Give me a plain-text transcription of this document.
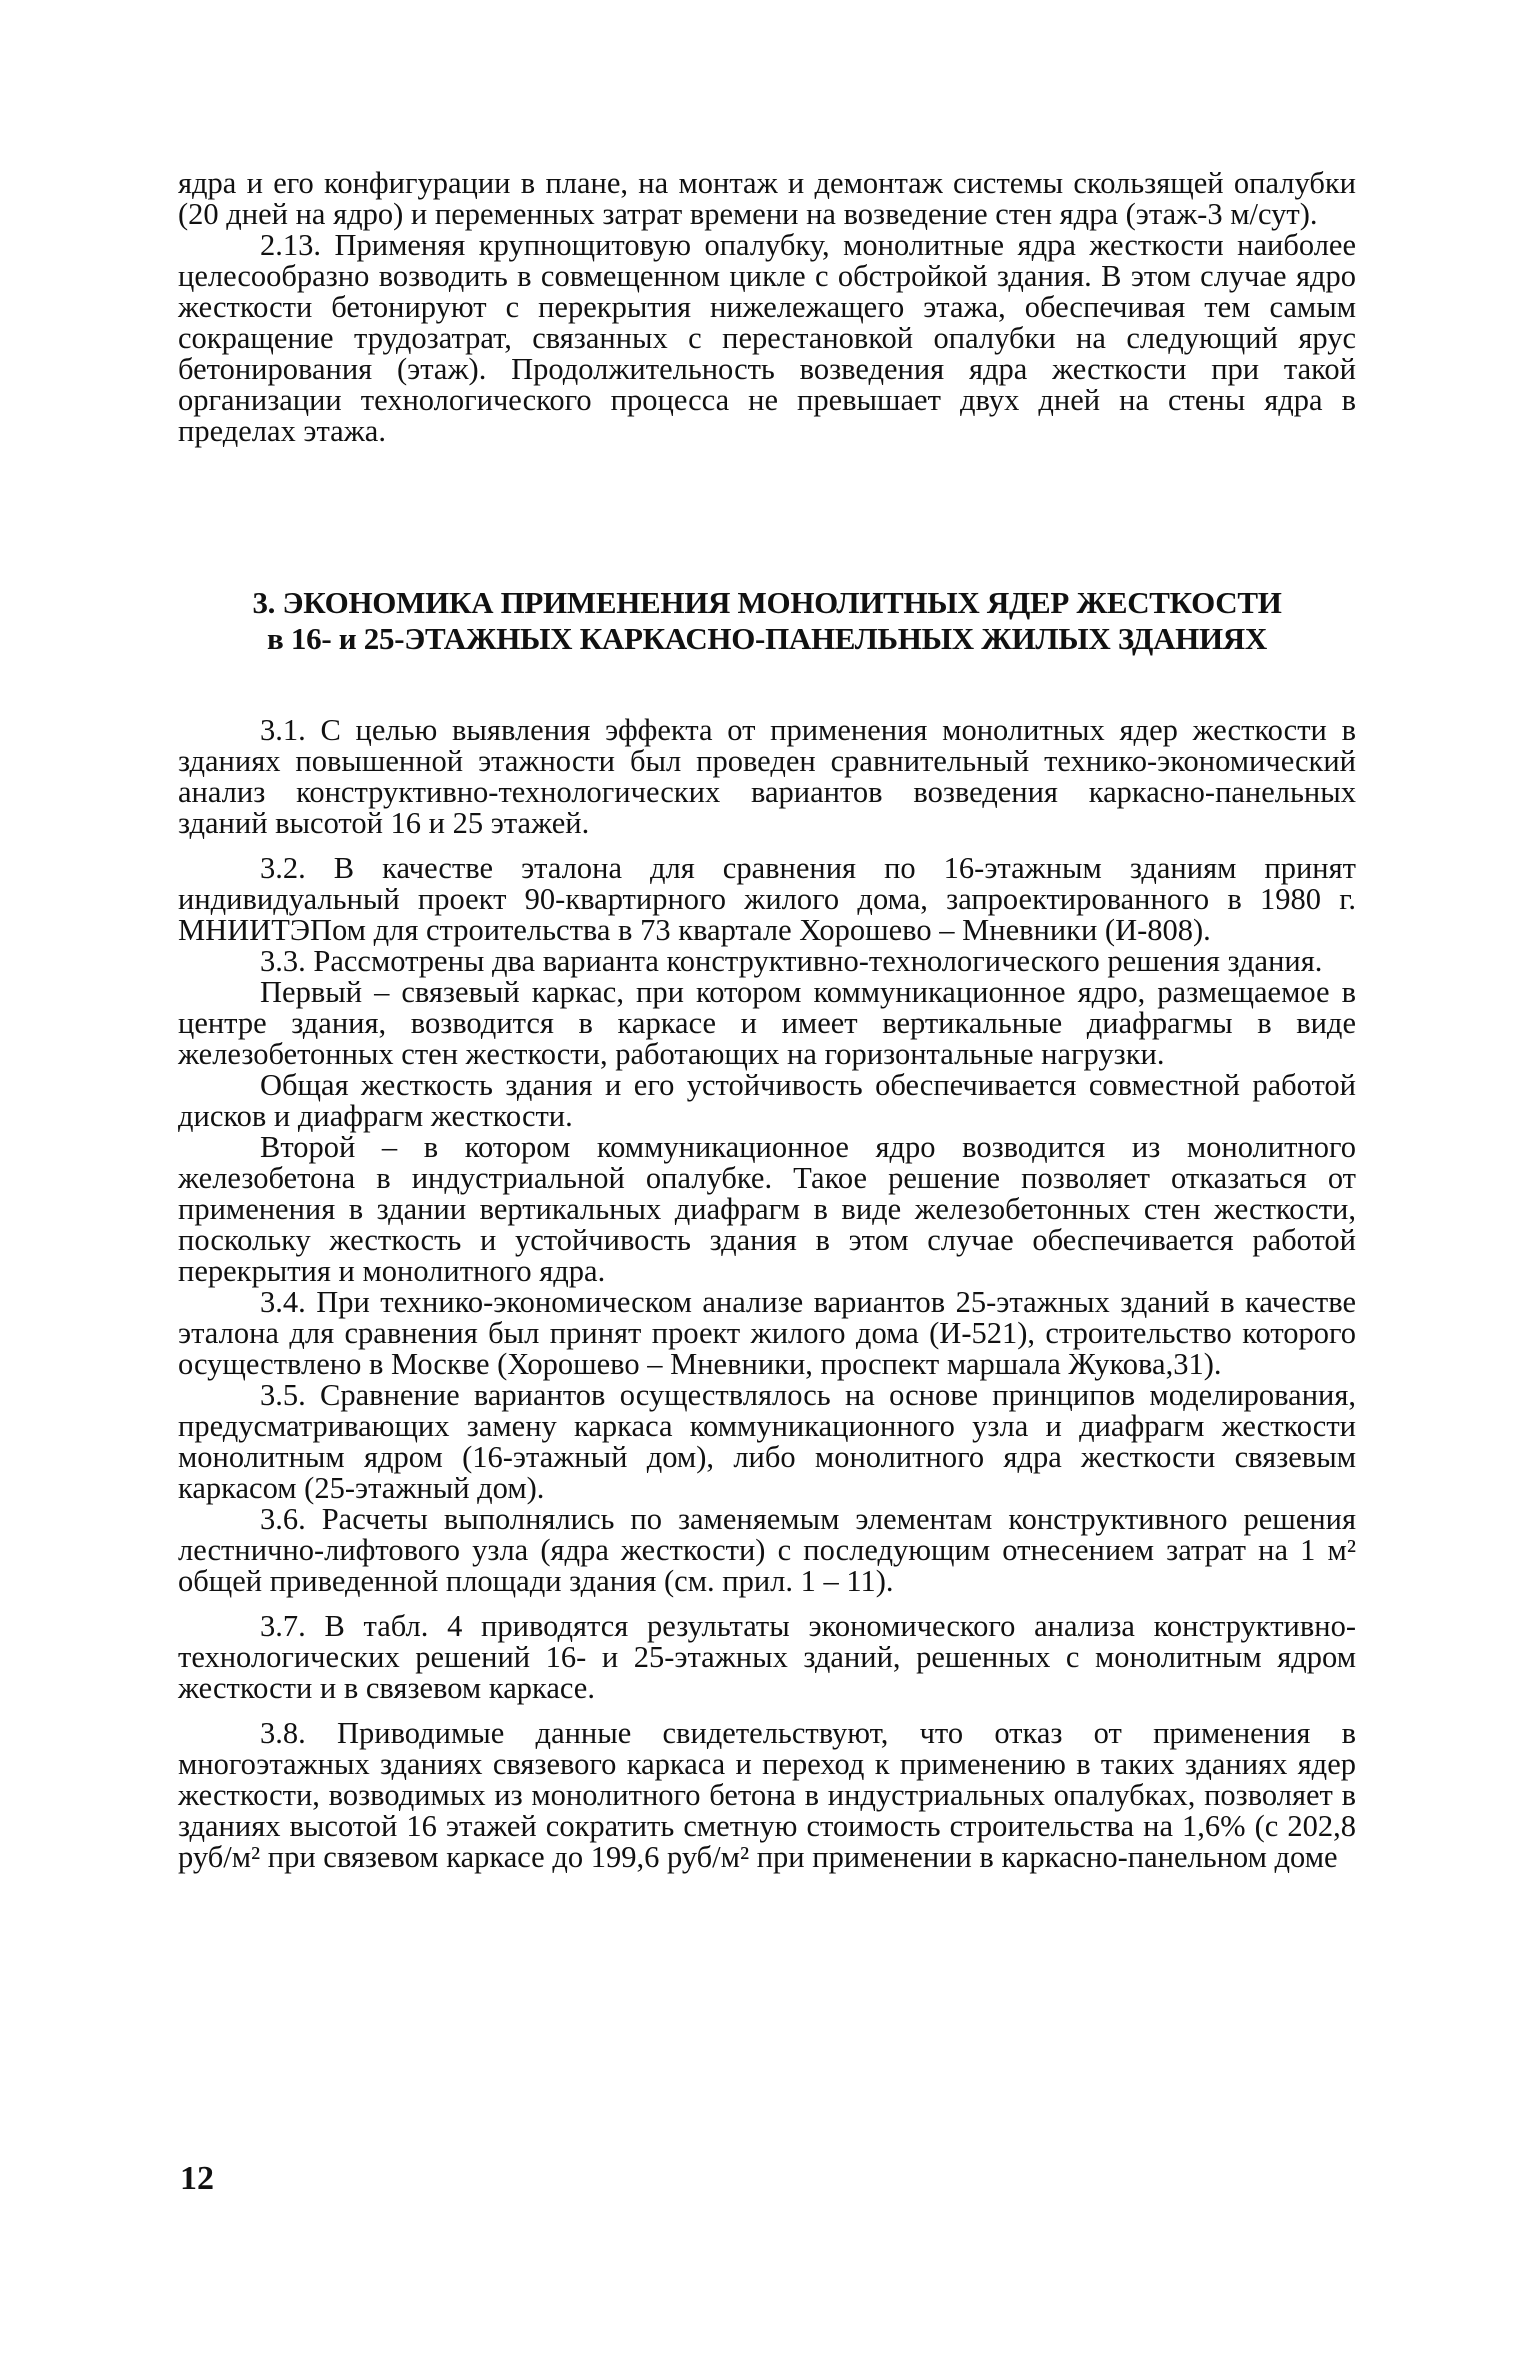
ядра и его конфигурации в плане, на монтаж и демонтаж системы скользящей опалубки (20 дней на ядро) и переменных затрат времени на возведение стен ядра (этаж-3 м/сут).

2.13. Применяя крупнощитовую опалубку, монолитные ядра жесткости наиболее целесообразно возводить в совмещенном цикле с обстройкой здания. В этом случае ядро жесткости бетонируют с перекрытия нижележащего этажа, обеспечивая тем самым сокращение трудозатрат, связанных с перестановкой опалубки на следующий ярус бетонирования (этаж). Продолжительность возведения ядра жесткости при такой организации технологического процесса не превышает двух дней на стены ядра в пределах этажа.

3. ЭКОНОМИКА ПРИМЕНЕНИЯ МОНОЛИТНЫХ ЯДЕР ЖЕСТКОСТИ
в 16- и 25-ЭТАЖНЫХ КАРКАСНО-ПАНЕЛЬНЫХ ЖИЛЫХ ЗДАНИЯХ

3.1. С целью выявления эффекта от применения монолитных ядер жесткости в зданиях повышенной этажности был проведен сравнительный технико-экономический анализ конструктивно-технологических вариантов возведения каркасно-панельных зданий высотой 16 и 25 этажей.

3.2. В качестве эталона для сравнения по 16-этажным зданиям принят индивидуальный проект 90-квартирного жилого дома, запроектированного в 1980 г. МНИИТЭПом для строительства в 73 квартале Хорошево – Мневники (И-808).

3.3. Рассмотрены два варианта конструктивно-технологического решения здания.

Первый – связевый каркас, при котором коммуникационное ядро, размещаемое в центре здания, возводится в каркасе и имеет вертикальные диафрагмы в виде железобетонных стен жесткости, работающих на горизонтальные нагрузки.

Общая жесткость здания и его устойчивость обеспечивается совместной работой дисков и диафрагм жесткости.

Второй – в котором коммуникационное ядро возводится из монолитного железобетона в индустриальной опалубке. Такое решение позволяет отказаться от применения в здании вертикальных диафрагм в виде железобетонных стен жесткости, поскольку жесткость и устойчивость здания в этом случае обеспечивается работой перекрытия и монолитного ядра.

3.4. При технико-экономическом анализе вариантов 25-этажных зданий в качестве эталона для сравнения был принят проект жилого дома (И-521), строительство которого осуществлено в Москве (Хорошево – Мневники, проспект маршала Жукова,31).

3.5. Сравнение вариантов осуществлялось на основе принципов моделирования, предусматривающих замену каркаса коммуникационного узла и диафрагм жесткости монолитным ядром (16-этажный дом), либо монолитного ядра жесткости связевым каркасом (25-этажный дом).

3.6. Расчеты выполнялись по заменяемым элементам конструктивного решения лестнично-лифтового узла (ядра жесткости) с последующим отнесением затрат на 1 м² общей приведенной площади здания (см. прил. 1 – 11).

3.7. В табл. 4 приводятся результаты экономического анализа конструктивно-технологических решений 16- и 25-этажных зданий, решенных с монолитным ядром жесткости и в связевом каркасе.

3.8. Приводимые данные свидетельствуют, что отказ от применения в многоэтажных зданиях связевого каркаса и переход к применению в таких зданиях ядер жесткости, возводимых из монолитного бетона в индустриальных опалубках, позволяет в зданиях высотой 16 этажей сократить сметную стоимость строительства на 1,6% (с 202,8 руб/м² при связевом каркасе до 199,6 руб/м² при применении в каркасно-панельном доме

12
